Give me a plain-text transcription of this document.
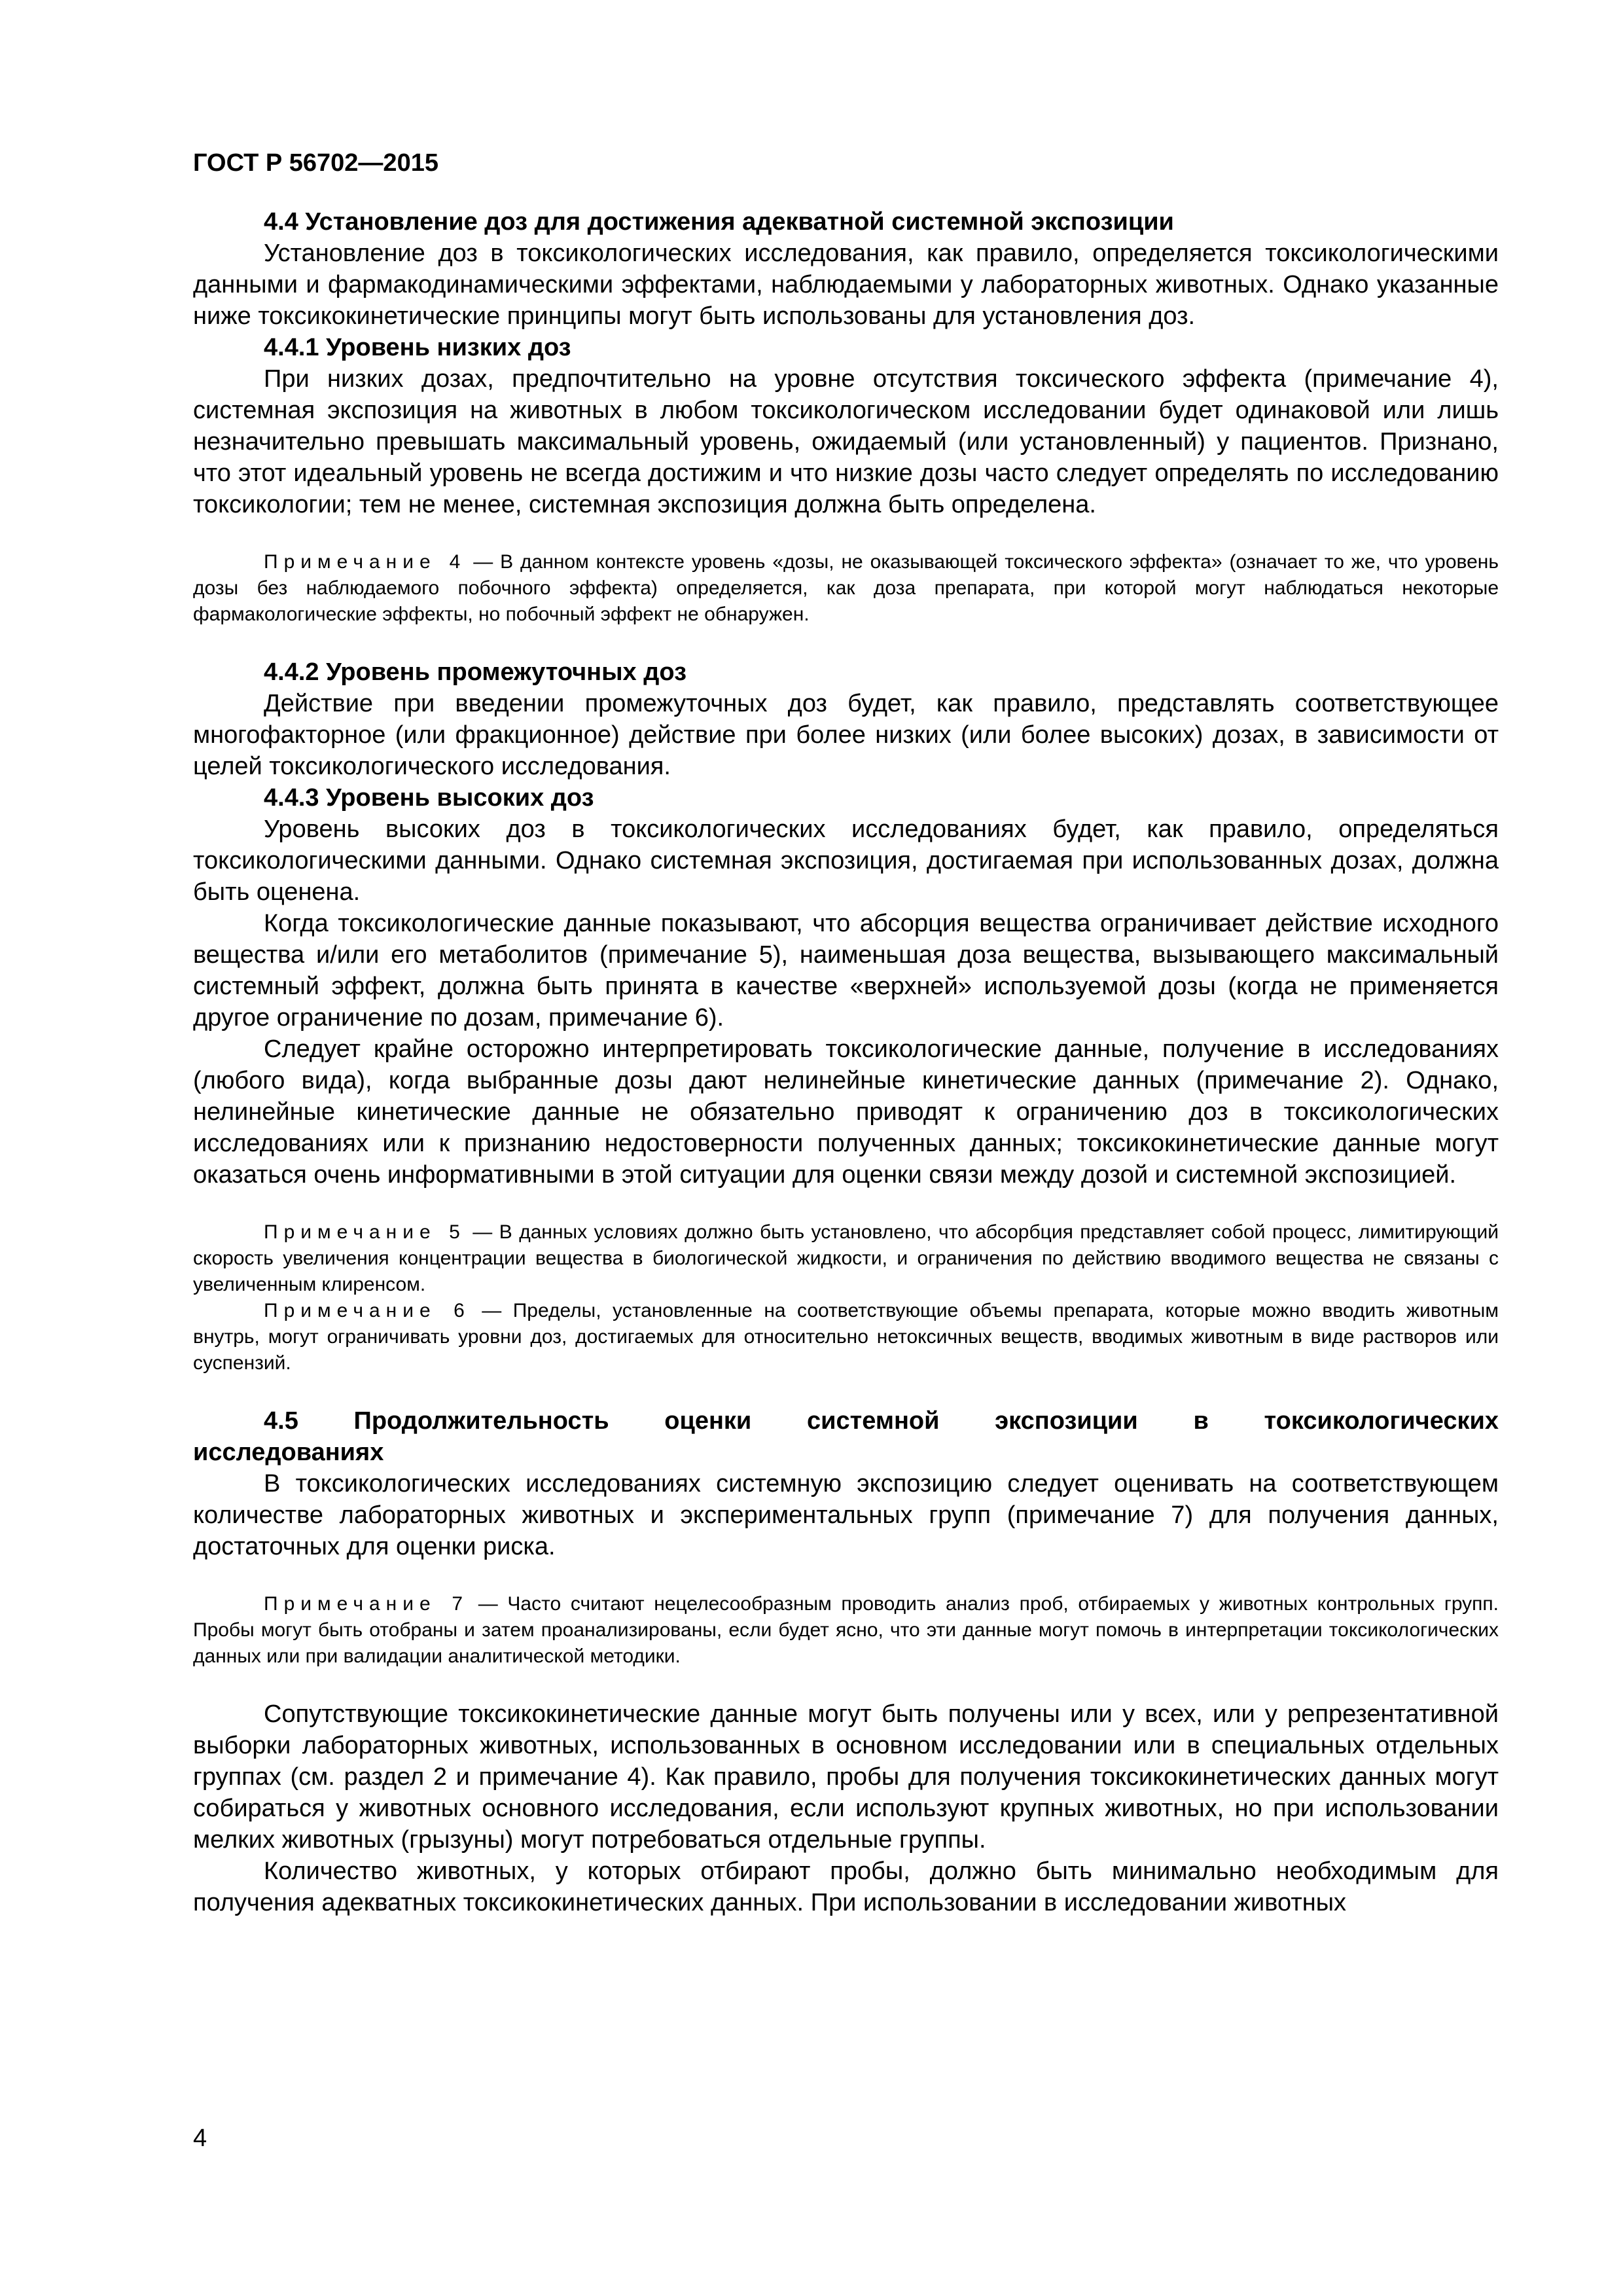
ГОСТ Р 56702—2015

4.4 Установление доз для достижения адекватной системной экспозиции

Установление доз в токсикологических исследования, как правило, определяется токсикологическими данными и фармакодинамическими эффектами, наблюдаемыми у лабораторных животных. Однако указанные ниже токсикокинетические принципы могут быть использованы для установления доз.

4.4.1 Уровень низких доз

При низких дозах, предпочтительно на уровне отсутствия токсического эффекта (примечание 4), системная экспозиция на животных в любом токсикологическом исследовании будет одинаковой или лишь незначительно превышать максимальный уровень, ожидаемый (или установленный) у пациентов. Признано, что этот идеальный уровень не всегда достижим и что низкие дозы часто следует определять по исследованию токсикологии; тем не менее, системная экспозиция должна быть определена.

Примечание 4 — В данном контексте уровень «дозы, не оказывающей токсического эффекта» (означает то же, что уровень дозы без наблюдаемого побочного эффекта) определяется, как доза препарата, при которой могут наблюдаться некоторые фармакологические эффекты, но побочный эффект не обнаружен.

4.4.2 Уровень промежуточных доз

Действие при введении промежуточных доз будет, как правило, представлять соответствующее многофакторное (или фракционное) действие при более низких (или более высоких) дозах, в зависимости от целей токсикологического исследования.

4.4.3 Уровень высоких доз

Уровень высоких доз в токсикологических исследованиях будет, как правило, определяться токсикологическими данными. Однако системная экспозиция, достигаемая при использованных дозах, должна быть оценена.

Когда токсикологические данные показывают, что абсорция вещества ограничивает действие исходного вещества и/или его метаболитов (примечание 5), наименьшая доза вещества, вызывающего максимальный системный эффект, должна быть принята в качестве «верхней» используемой дозы (когда не применяется другое ограничение по дозам, примечание 6).

Следует крайне осторожно интерпретировать токсикологические данные, получение в исследованиях (любого вида), когда выбранные дозы дают нелинейные кинетические данных (примечание 2). Однако, нелинейные кинетические данные не обязательно приводят к ограничению доз в токсикологических исследованиях или к признанию недостоверности полученных данных; токсикокинетические данные могут оказаться очень информативными в этой ситуации для оценки связи между дозой и системной экспозицией.

Примечание 5 — В данных условиях должно быть установлено, что абсорбция представляет собой процесс, лимитирующий скорость увеличения концентрации вещества в биологической жидкости, и ограничения по действию вводимого вещества не связаны с увеличенным клиренсом.

Примечание 6 — Пределы, установленные на соответствующие объемы препарата, которые можно вводить животным внутрь, могут ограничивать уровни доз, достигаемых для относительно нетоксичных веществ, вводимых животным в виде растворов или суспензий.

4.5 Продолжительность оценки системной экспозиции в токсикологических

исследованиях

В токсикологических исследованиях системную экспозицию следует оценивать на соответствующем количестве лабораторных животных и экспериментальных групп (примечание 7) для получения данных, достаточных для оценки риска.

Примечание 7 — Часто считают нецелесообразным проводить анализ проб, отбираемых у животных контрольных групп. Пробы могут быть отобраны и затем проанализированы, если будет ясно, что эти данные могут помочь в интерпретации токсикологических данных или при валидации аналитической методики.

Сопутствующие токсикокинетические данные могут быть получены или у всех, или у репрезентативной выборки лабораторных животных, использованных в основном исследовании или в специальных отдельных группах (см. раздел 2 и примечание 4). Как правило, пробы для получения токсикокинетических данных могут собираться у животных основного исследования, если используют крупных животных, но при использовании мелких животных (грызуны) могут потребоваться отдельные группы.

Количество животных, у которых отбирают пробы, должно быть минимально необходимым для получения адекватных токсикокинетических данных. При использовании в исследовании животных

4
